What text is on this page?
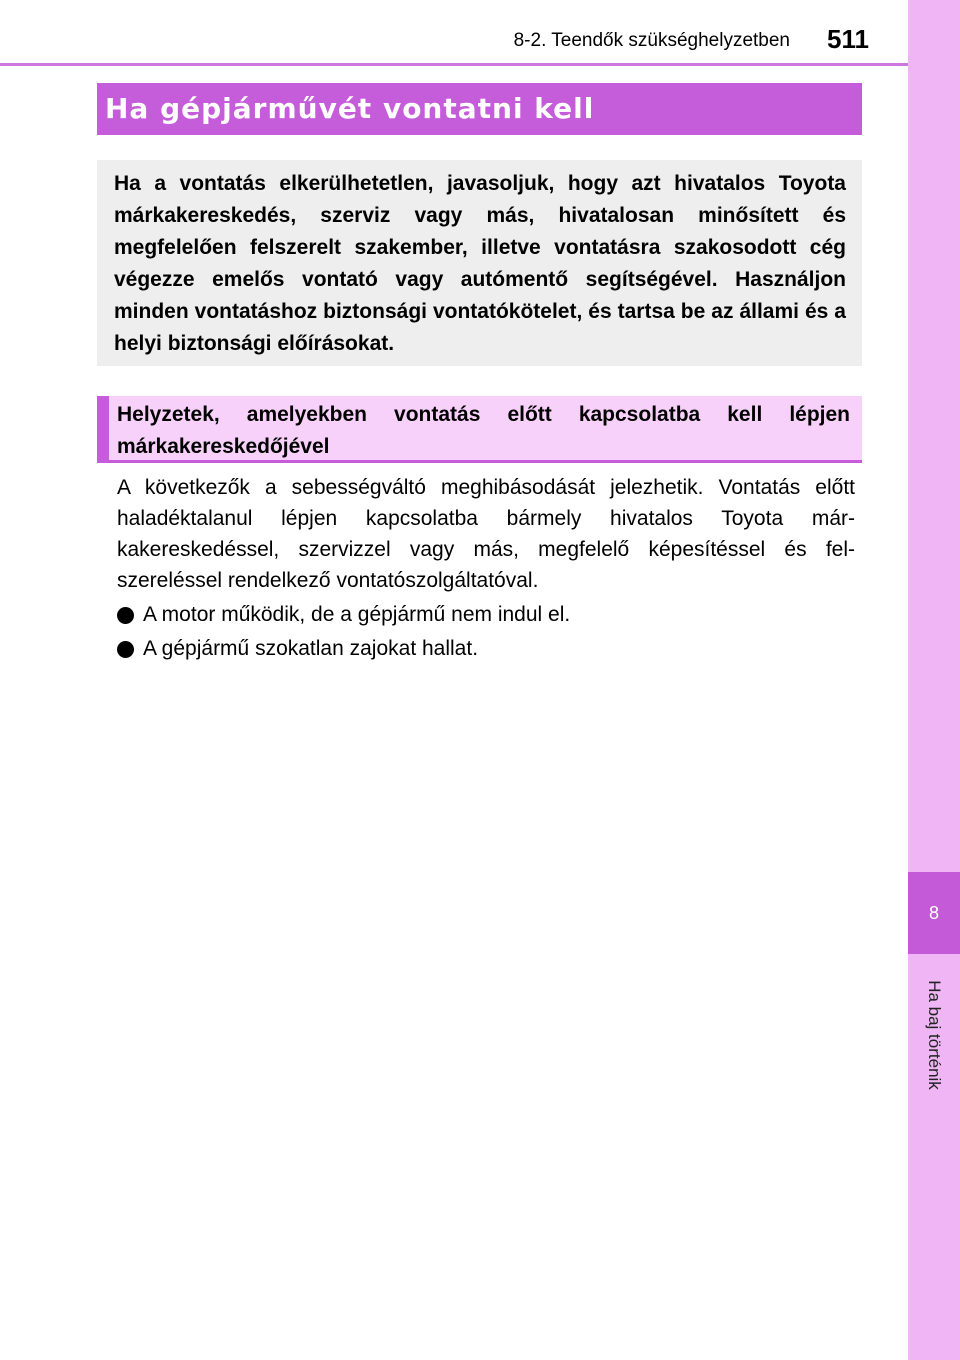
8
Ha baj történik
8-2. Teendők szükséghelyzetben	511
Ha gépjárművét vontatni kell

Ha a vontatás elkerülhetetlen, javasoljuk, hogy azt hivatalos Toyota márkakereskedés, szerviz vagy más, hivatalosan minősített és megfelelően felszerelt szakember, illetve vontatásra szakosodott cég végezze emelős vontató vagy autómentő segítségével. Használjon minden vontatáshoz biztonsági vontatókötelet, és tartsa be az állami és a helyi biztonsági előírásokat.

Helyzetek, amelyekben vontatás előtt kapcsolatba kell lépjen márkakereskedőjével

A következők a sebességváltó meghibásodását jelezhetik. Vontatás előtt haladéktalanul lépjen kapcsolatba bármely hivatalos Toyota márkakereskedéssel, szervizzel vagy más, megfelelő képesítéssel és felszereléssel rendelkező vontatószolgáltatóval.

A motor működik, de a gépjármű nem indul el.
A gépjármű szokatlan zajokat hallat.
